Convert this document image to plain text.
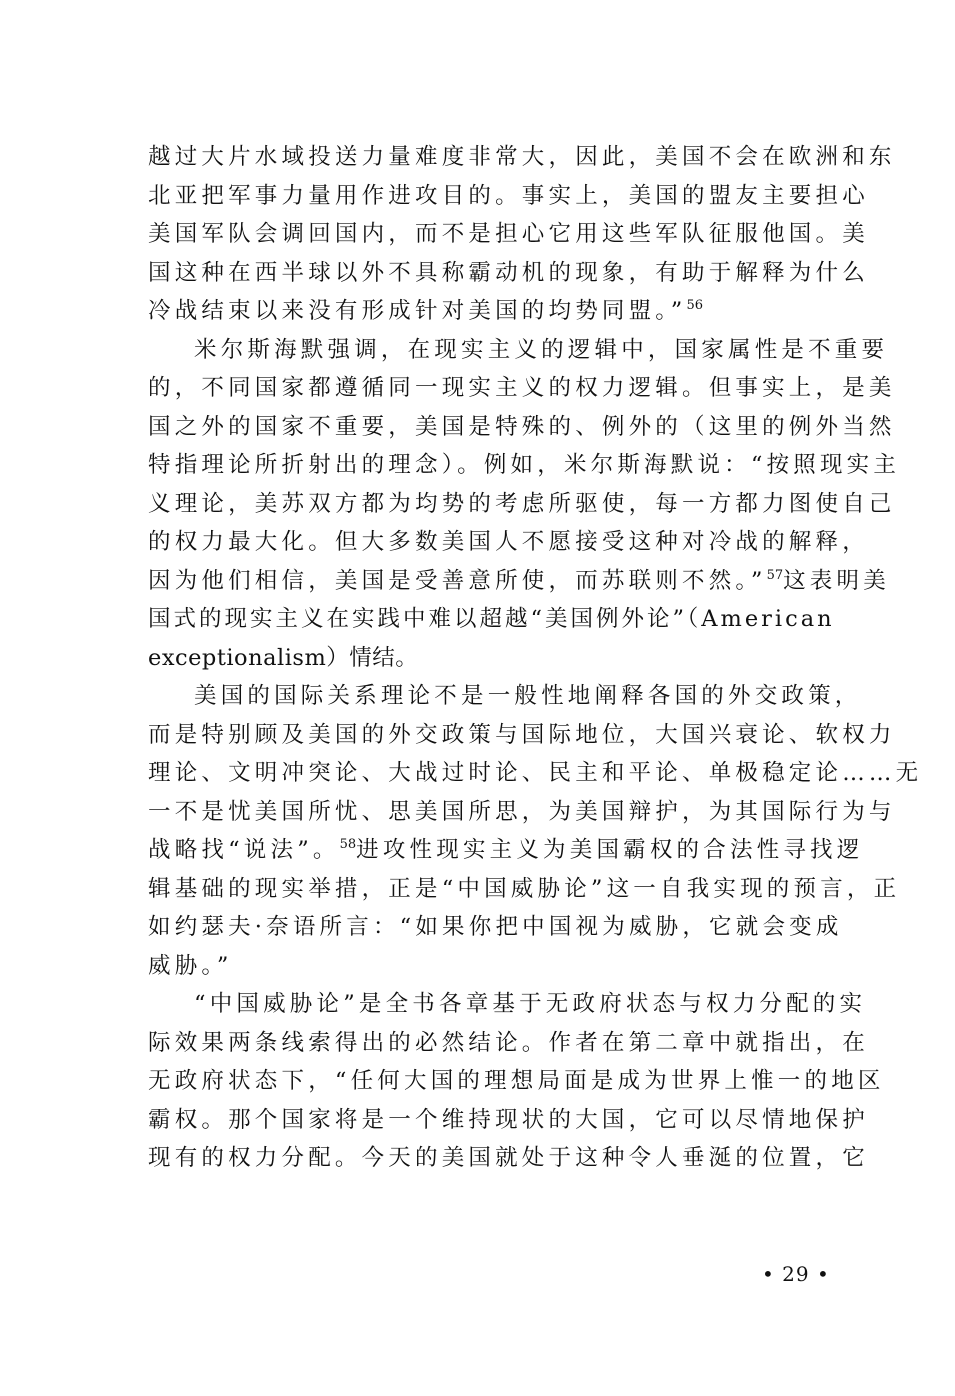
越过大片水域投送力量难度非常大，因此，美国不会在欧洲和东
北亚把军事力量用作进攻目的。事实上，美国的盟友主要担心
美国军队会调回国内，而不是担心它用这些军队征服他国。美
国这种在西半球以外不具称霸动机的现象，有助于解释为什么
冷战结束以来没有形成针对美国的均势同盟。”$^{56}$
米尔斯海默强调，在现实主义的逻辑中，国家属性是不重要
的，不同国家都遵循同一现实主义的权力逻辑。但事实上，是美
国之外的国家不重要，美国是特殊的、例外的（这里的例外当然
特指理论所折射出的理念）。例如，米尔斯海默说：“按照现实主
义理论，美苏双方都为均势的考虑所驱使，每一方都力图使自己
的权力最大化。但大多数美国人不愿接受这种对冷战的解释，
因为他们相信，美国是受善意所使，而苏联则不然。”$^{57}$这表明美
国式的现实主义在实践中难以超越“美国例外论”（American
exceptionalism）情结。
美国的国际关系理论不是一般性地阐释各国的外交政策，
而是特别顾及美国的外交政策与国际地位，大国兴衰论、软权力
理论、文明冲突论、大战过时论、民主和平论、单极稳定论……无
一不是忧美国所忧、思美国所思，为美国辩护，为其国际行为与
战略找“说法”。$^{58}$进攻性现实主义为美国霸权的合法性寻找逻
辑基础的现实举措，正是“中国威胁论”这一自我实现的预言，正
如约瑟夫·奈语所言：“如果你把中国视为威胁，它就会变成
威胁。”
“中国威胁论”是全书各章基于无政府状态与权力分配的实
际效果两条线索得出的必然结论。作者在第二章中就指出，在
无政府状态下，“任何大国的理想局面是成为世界上惟一的地区
霸权。那个国家将是一个维持现状的大国，它可以尽情地保护
现有的权力分配。今天的美国就处于这种令人垂涎的位置，它
• 29 •
